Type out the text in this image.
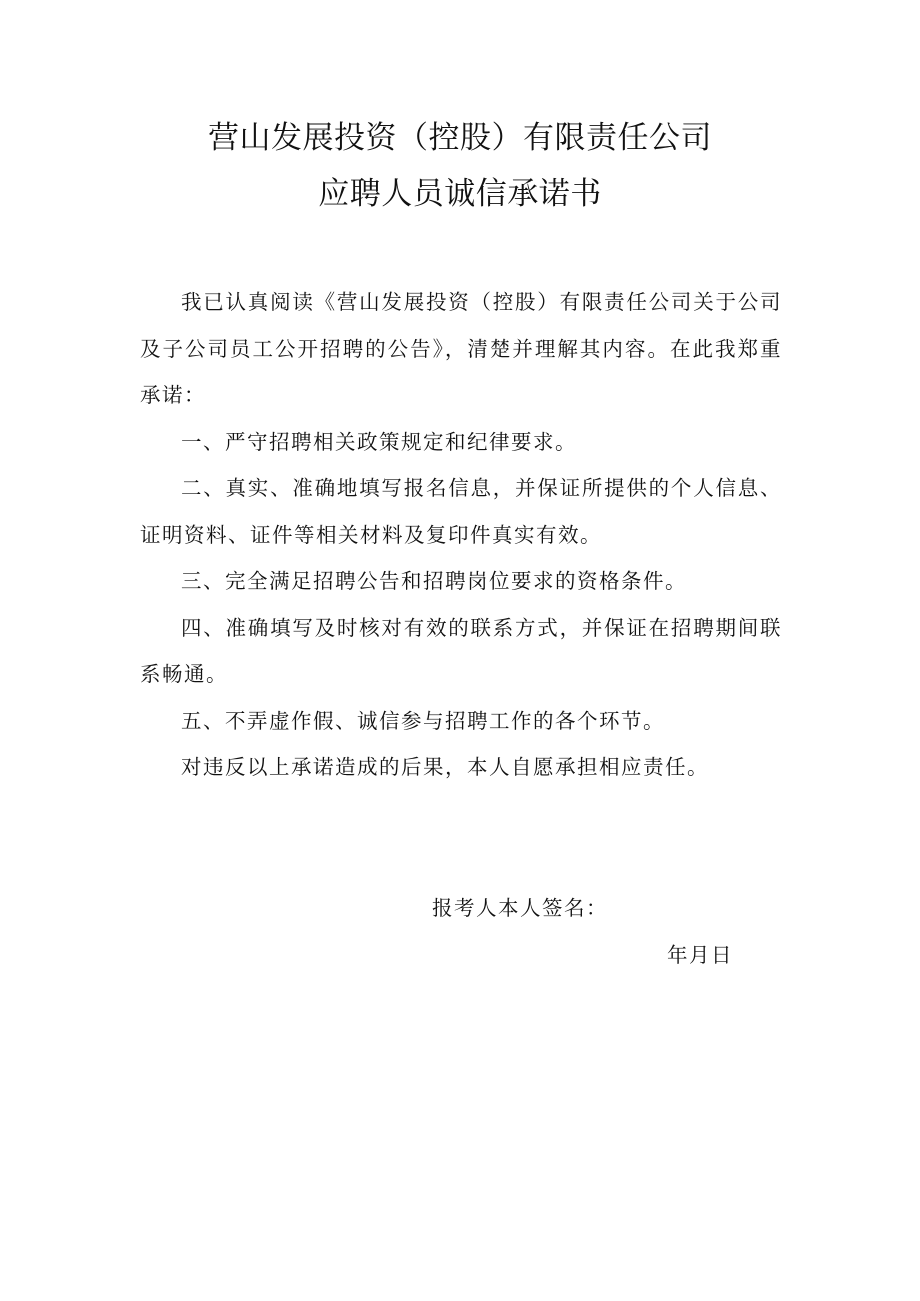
营山发展投资（控股）有限责任公司
应聘人员诚信承诺书

我已认真阅读《营山发展投资（控股）有限责任公司关于公司及子公司员工公开招聘的公告》，清楚并理解其内容。在此我郑重承诺：

一、严守招聘相关政策规定和纪律要求。

二、真实、准确地填写报名信息，并保证所提供的个人信息、证明资料、证件等相关材料及复印件真实有效。

三、完全满足招聘公告和招聘岗位要求的资格条件。

四、准确填写及时核对有效的联系方式，并保证在招聘期间联系畅通。

五、不弄虚作假、诚信参与招聘工作的各个环节。

对违反以上承诺造成的后果，本人自愿承担相应责任。

报考人本人签名：
年月日
